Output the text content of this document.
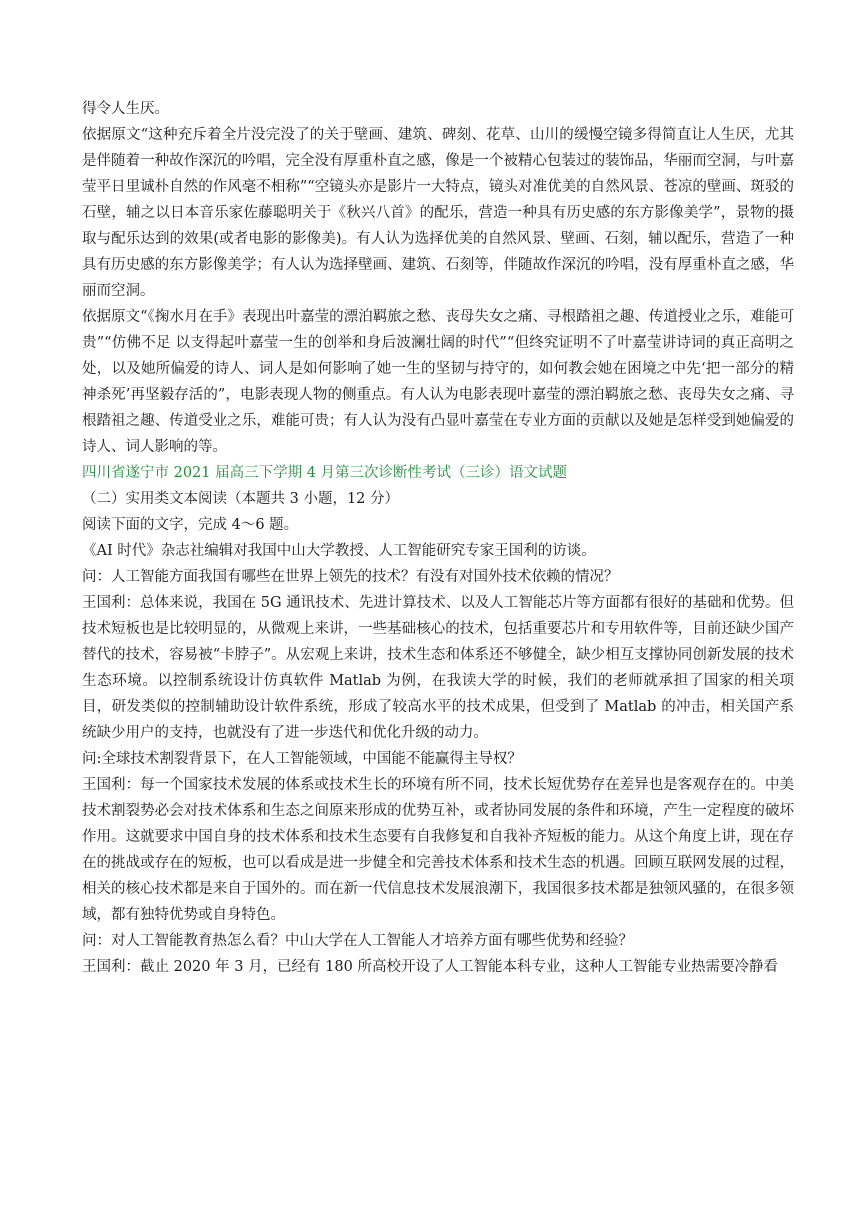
得令人生厌。

依据原文“这种充斥着全片没完没了的关于壁画、建筑、碑刻、花草、山川的缓慢空镜多得简直让人生厌，尤其是伴随着一种故作深沉的吟唱，完全没有厚重朴直之感，像是一个被精心包装过的装饰品，华丽而空洞，与叶嘉莹平日里诚朴自然的作风毫不相称”“空镜头亦是影片一大特点，镜头对准优美的自然风景、苍凉的壁画、斑驳的石壁，辅之以日本音乐家佐藤聪明关于《秋兴八首》的配乐，营造一种具有历史感的东方影像美学”，景物的摄取与配乐达到的效果(或者电影的影像美)。有人认为选择优美的自然风景、壁画、石刻，辅以配乐，营造了一种具有历史感的东方影像美学；有人认为选择壁画、建筑、石刻等，伴随故作深沉的吟唱，没有厚重朴直之感，华丽而空洞。

依据原文“《掬水月在手》表现出叶嘉莹的漂泊羁旅之愁、丧母失女之痛、寻根踏祖之趣、传道授业之乐，难能可贵”“仿佛不足 以支得起叶嘉莹一生的创举和身后波澜壮阔的时代”“但终究证明不了叶嘉莹讲诗词的真正高明之处，以及她所偏爱的诗人、词人是如何影响了她一生的坚韧与持守的，如何教会她在困境之中先‘把一部分的精神杀死’再坚毅存活的”，电影表现人物的侧重点。有人认为电影表现叶嘉莹的漂泊羁旅之愁、丧母失女之痛、寻根踏祖之趣、传道受业之乐，难能可贵；有人认为没有凸显叶嘉莹在专业方面的贡献以及她是怎样受到她偏爱的诗人、词人影响的等。

四川省遂宁市 2021 届高三下学期 4 月第三次诊断性考试（三诊）语文试题

（二）实用类文本阅读（本题共 3 小题，12 分）

阅读下面的文字，完成 4～6 题。

《AI 时代》杂志社编辑对我国中山大学教授、人工智能研究专家王国利的访谈。

问：人工智能方面我国有哪些在世界上领先的技术？有没有对国外技术依赖的情况？

王国利：总体来说，我国在 5G 通讯技术、先进计算技术、以及人工智能芯片等方面都有很好的基础和优势。但技术短板也是比较明显的，从微观上来讲，一些基础核心的技术，包括重要芯片和专用软件等，目前还缺少国产替代的技术，容易被“卡脖子”。从宏观上来讲，技术生态和体系还不够健全，缺少相互支撑协同创新发展的技术生态环境。以控制系统设计仿真软件 Matlab 为例，在我读大学的时候，我们的老师就承担了国家的相关项目，研发类似的控制辅助设计软件系统，形成了较高水平的技术成果，但受到了 Matlab 的冲击，相关国产系统缺少用户的支持，也就没有了进一步迭代和优化升级的动力。

问:全球技术割裂背景下，在人工智能领域，中国能不能赢得主导权？

王国利：每一个国家技术发展的体系或技术生长的环境有所不同，技术长短优势存在差异也是客观存在的。中美技术割裂势必会对技术体系和生态之间原来形成的优势互补，或者协同发展的条件和环境，产生一定程度的破坏作用。这就要求中国自身的技术体系和技术生态要有自我修复和自我补齐短板的能力。从这个角度上讲，现在存在的挑战或存在的短板，也可以看成是进一步健全和完善技术体系和技术生态的机遇。回顾互联网发展的过程，相关的核心技术都是来自于国外的。而在新一代信息技术发展浪潮下，我国很多技术都是独领风骚的，在很多领域，都有独特优势或自身特色。

问：对人工智能教育热怎么看？中山大学在人工智能人才培养方面有哪些优势和经验？

王国利：截止 2020 年 3 月，已经有 180 所高校开设了人工智能本科专业，这种人工智能专业热需要冷静看
